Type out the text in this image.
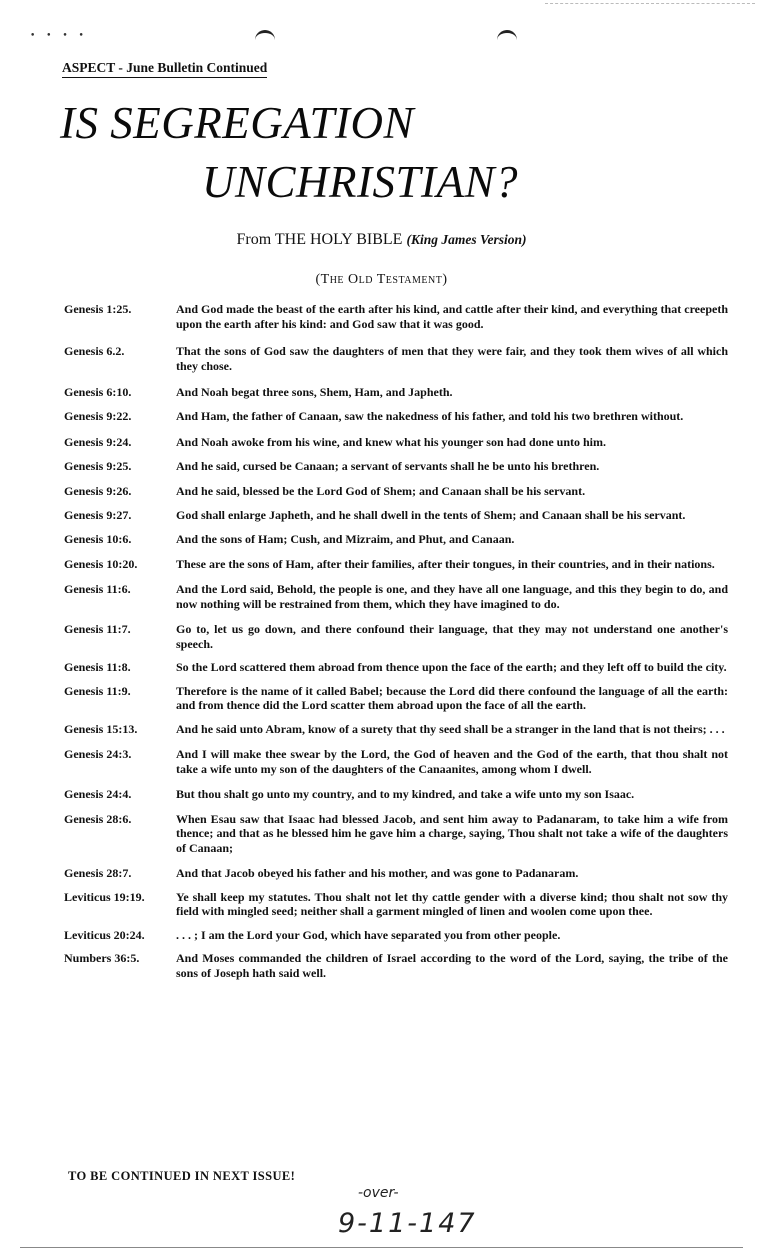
• • • •
ASPECT - June Bulletin Continued
IS SEGREGATION
UNCHRISTIAN?
From THE HOLY BIBLE (King James Version)
(The Old Testament)
Genesis 1:25.	And God made the beast of the earth after his kind, and cattle after their kind, and everything that creepeth upon the earth after his kind: and God saw that it was good.
Genesis 6.2.	That the sons of God saw the daughters of men that they were fair, and they took them wives of all which they chose.
Genesis 6:10.	And Noah begat three sons, Shem, Ham, and Japheth.
Genesis 9:22.	And Ham, the father of Canaan, saw the nakedness of his father, and told his two brethren without.
Genesis 9:24.	And Noah awoke from his wine, and knew what his younger son had done unto him.
Genesis 9:25.	And he said, cursed be Canaan; a servant of servants shall he be unto his brethren.
Genesis 9:26.	And he said, blessed be the Lord God of Shem; and Canaan shall be his servant.
Genesis 9:27.	God shall enlarge Japheth, and he shall dwell in the tents of Shem; and Canaan shall be his servant.
Genesis 10:6.	And the sons of Ham; Cush, and Mizraim, and Phut, and Canaan.
Genesis 10:20.	These are the sons of Ham, after their families, after their tongues, in their countries, and in their nations.
Genesis 11:6.	And the Lord said, Behold, the people is one, and they have all one language, and this they begin to do, and now nothing will be restrained from them, which they have imagined to do.
Genesis 11:7.	Go to, let us go down, and there confound their language, that they may not understand one another's speech.
Genesis 11:8.	So the Lord scattered them abroad from thence upon the face of the earth; and they left off to build the city.
Genesis 11:9.	Therefore is the name of it called Babel; because the Lord did there confound the language of all the earth: and from thence did the Lord scatter them abroad upon the face of all the earth.
Genesis 15:13.	And he said unto Abram, know of a surety that thy seed shall be a stranger in the land that is not theirs; . . .
Genesis 24:3.	And I will make thee swear by the Lord, the God of heaven and the God of the earth, that thou shalt not take a wife unto my son of the daughters of the Canaanites, among whom I dwell.
Genesis 24:4.	But thou shalt go unto my country, and to my kindred, and take a wife unto my son Isaac.
Genesis 28:6.	When Esau saw that Isaac had blessed Jacob, and sent him away to Padanaram, to take him a wife from thence; and that as he blessed him he gave him a charge, saying, Thou shalt not take a wife of the daughters of Canaan;
Genesis 28:7.	And that Jacob obeyed his father and his mother, and was gone to Padanaram.
Leviticus 19:19.	Ye shall keep my statutes. Thou shalt not let thy cattle gender with a diverse kind; thou shalt not sow thy field with mingled seed; neither shall a garment mingled of linen and woolen come upon thee.
Leviticus 20:24.	. . . ; I am the Lord your God, which have separated you from other people.
Numbers 36:5.	And Moses commanded the children of Israel according to the word of the Lord, saying, the tribe of the sons of Joseph hath said well.
TO BE CONTINUED IN NEXT ISSUE!
-over-
9-11-147
